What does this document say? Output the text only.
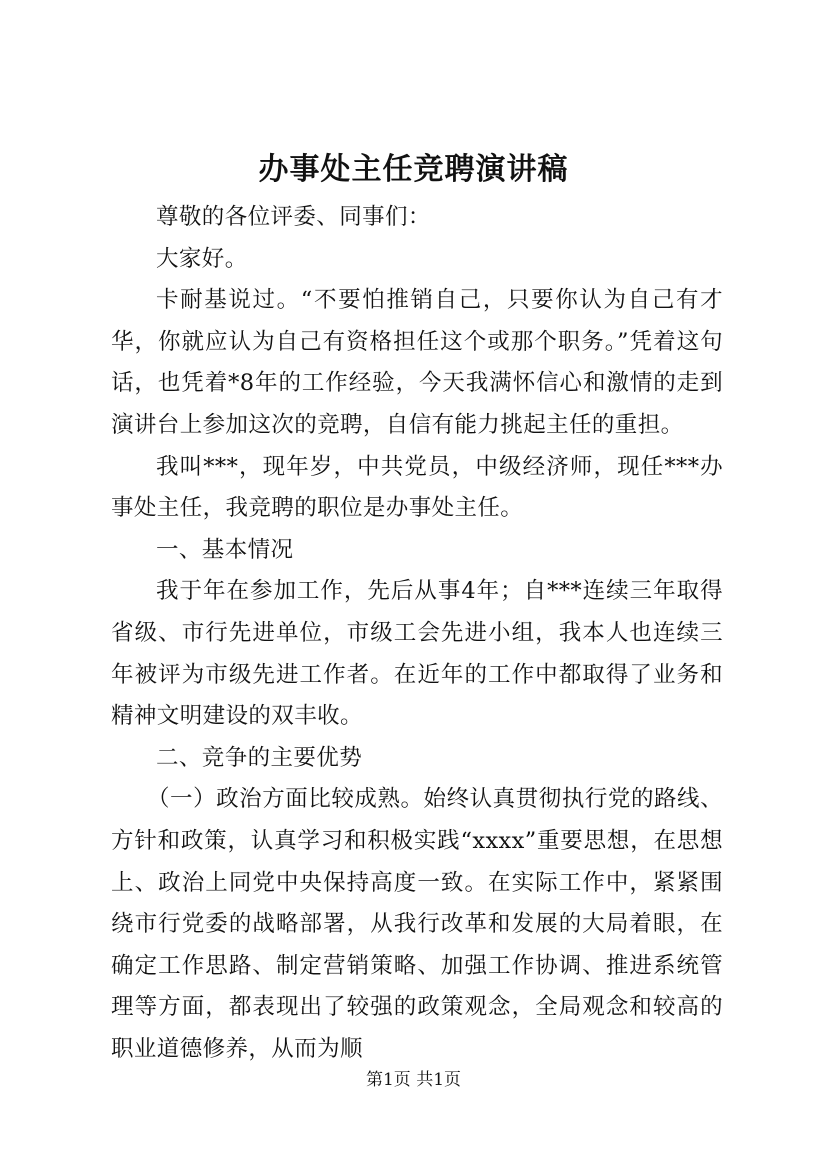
办事处主任竞聘演讲稿

尊敬的各位评委、同事们：

大家好。

卡耐基说过。“不要怕推销自己，只要你认为自己有才华，你就应认为自己有资格担任这个或那个职务。”凭着这句话，也凭着*8年的工作经验，今天我满怀信心和激情的走到演讲台上参加这次的竞聘，自信有能力挑起主任的重担。

我叫***，现年岁，中共党员，中级经济师，现任***办事处主任，我竞聘的职位是办事处主任。

一、基本情况

我于年在参加工作，先后从事4年；自***连续三年取得省级、市行先进单位，市级工会先进小组，我本人也连续三年被评为市级先进工作者。在近年的工作中都取得了业务和精神文明建设的双丰收。

二、竞争的主要优势

（一）政治方面比较成熟。始终认真贯彻执行党的路线、方针和政策，认真学习和积极实践“xxxx”重要思想，在思想上、政治上同党中央保持高度一致。在实际工作中，紧紧围绕市行党委的战略部署，从我行改革和发展的大局着眼，在确定工作思路、制定营销策略、加强工作协调、推进系统管理等方面，都表现出了较强的政策观念，全局观念和较高的职业道德修养，从而为顺

第1页 共1页
